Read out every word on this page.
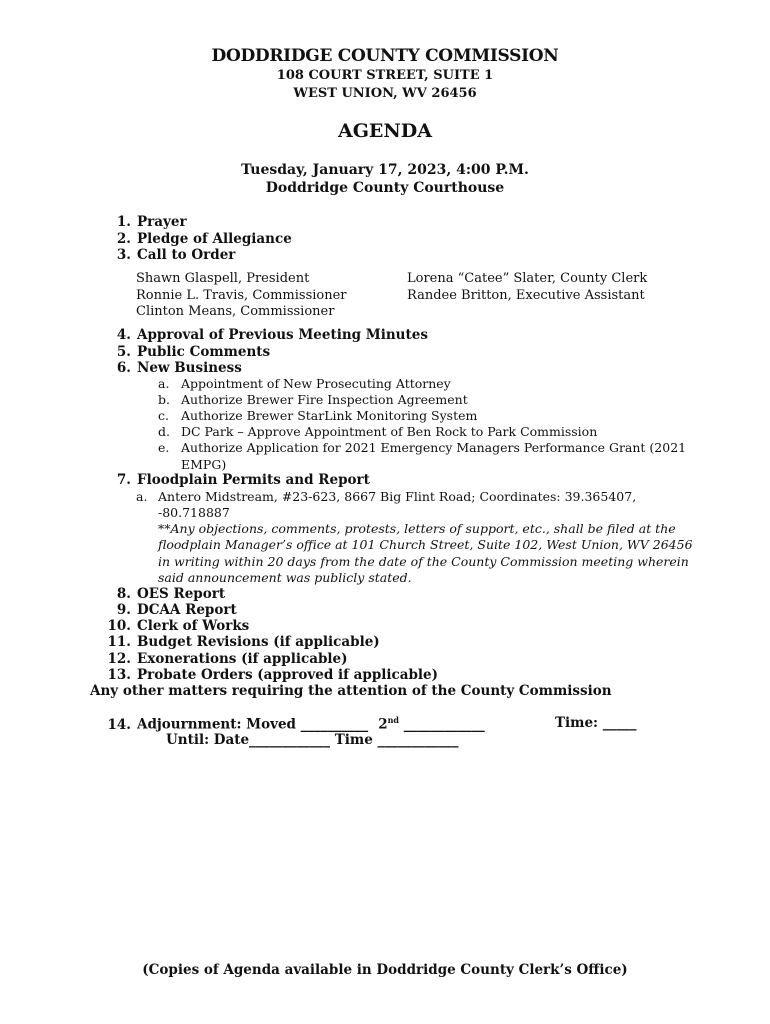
DODDRIDGE COUNTY COMMISSION
108 COURT STREET, SUITE 1
WEST UNION, WV 26456
AGENDA
Tuesday, January 17, 2023, 4:00 P.M.
Doddridge County Courthouse
1. Prayer
2. Pledge of Allegiance
3. Call to Order
Shawn Glaspell, President
Ronnie L. Travis, Commissioner
Clinton Means, Commissioner
Lorena “Catee” Slater, County Clerk
Randee Britton, Executive Assistant
4. Approval of Previous Meeting Minutes
5. Public Comments
6. New Business
a. Appointment of New Prosecuting Attorney
b. Authorize Brewer Fire Inspection Agreement
c. Authorize Brewer StarLink Monitoring System
d. DC Park – Approve Appointment of Ben Rock to Park Commission
e. Authorize Application for 2021 Emergency Managers Performance Grant (2021
EMPG)
7. Floodplain Permits and Report
a. Antero Midstream, #23-623, 8667 Big Flint Road; Coordinates: 39.365407,
-80.718887
**Any objections, comments, protests, letters of support, etc., shall be filed at the
floodplain Manager’s office at 101 Church Street, Suite 102, West Union, WV 26456
in writing within 20 days from the date of the County Commission meeting wherein
said announcement was publicly stated.
8. OES Report
9. DCAA Report
10. Clerk of Works
11. Budget Revisions (if applicable)
12. Exonerations (if applicable)
13. Probate Orders (approved if applicable)
Any other matters requiring the attention of the County Commission
14. Adjournment: Moved __________ 2nd ____________	Time: _____
Until: Date____________ Time ____________
(Copies of Agenda available in Doddridge County Clerk’s Office)
